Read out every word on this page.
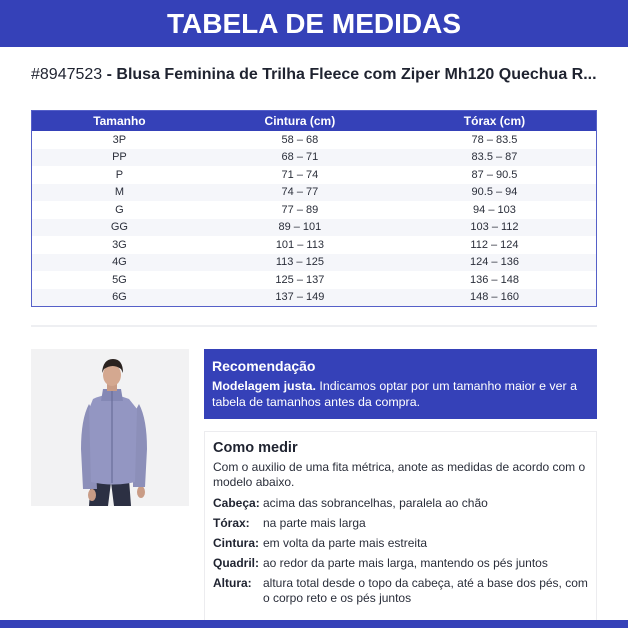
TABELA DE MEDIDAS
#8947523 - Blusa Feminina de Trilha Fleece com Ziper Mh120 Quechua R...
Tamanho	Cintura (cm)	Tórax (cm)
3P	58 – 68	78 – 83.5
PP	68 – 71	83.5 – 87
P	71 – 74	87 – 90.5
M	74 – 77	90.5 – 94
G	77 – 89	94 – 103
GG	89 – 101	103 – 112
3G	101 – 113	112 – 124
4G	113 – 125	124 – 136
5G	125 – 137	136 – 148
6G	137 – 149	148 – 160
Recomendação

Modelagem justa. Indicamos optar por um tamanho maior e ver a tabela de tamanhos antes da compra.

Como medir

Com o auxilio de uma fita métrica, anote as medidas de acordo com o modelo abaixo.

Cabeça: acima das sobrancelhas, paralela ao chão
Tórax:	na parte mais larga
Cintura: em volta da parte mais estreita
Quadril: ao redor da parte mais larga, mantendo os pés juntos
Altura: altura total desde o topo da cabeça, até a base dos pés, com o corpo reto e os pés juntos
